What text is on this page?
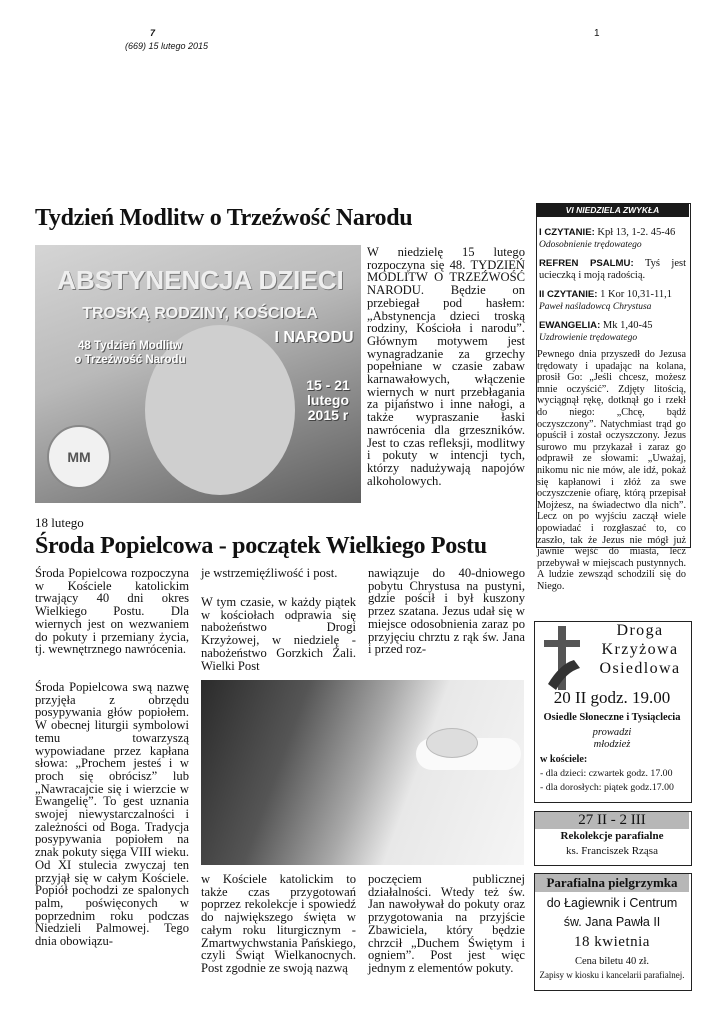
7
(669) 15 lutego 2015
1
Tydzień Modlitw o Trzeźwość Narodu
ABSTYNENCJA DZIECI
TROSKĄ RODZINY, KOŚCIOŁA
48 Tydzień Modlitw
o Trzeźwość Narodu
I NARODU
15 - 21
lutego
2015 r
MM

W niedzielę 15 lutego rozpoczyna się 48. TYDZIEŃ MODLITW O TRZEŹWOŚĆ NARODU. Będzie on przebiegał pod hasłem: „Abstynencja dzieci troską rodziny, Kościoła i narodu”. Głównym motywem jest wynagradzanie za grzechy popełniane w czasie zabaw karnawałowych, włączenie wiernych w nurt przebłagania za pijaństwo i inne nałogi, a także wypraszanie łaski nawrócenia dla grzeszników. Jest to czas refleksji, modlitwy i pokuty w intencji tych, którzy nadużywają napojów alkoholowych.

18 lutego
Środa Popielcowa - początek Wielkiego Postu

Środa Popielcowa rozpoczyna w Kościele katolickim trwający 40 dni okres Wielkiego Postu. Dla wiernych jest on wezwaniem do pokuty i przemiany życia, tj. wewnętrznego nawrócenia.

Środa Popielcowa swą nazwę przyjęła z obrzędu posypywania głów popiołem. W obecnej liturgii symbolowi temu towarzyszą wypowiadane przez kapłana słowa: „Prochem jesteś i w proch się obrócisz” lub „Nawracajcie się i wierzcie w Ewangelię”. To gest uznania swojej niewystarczalności i zależności od Boga. Tradycja posypywania popiołem na znak pokuty sięga VIII wieku. Od XI stulecia zwyczaj ten przyjął się w całym Kościele. Popiół pochodzi ze spalonych palm, poświęconych w poprzednim roku podczas Niedzieli Palmowej. Tego dnia obowiązu-

je wstrzemięźliwość i post.

W tym czasie, w każdy piątek w kościołach odprawia się nabożeństwo Drogi Krzyżowej, w niedzielę - nabożeństwo Gorzkich Żali. Wielki Post

nawiązuje do 40-dniowego pobytu Chrystusa na pustyni, gdzie pościł i był kuszony przez szatana. Jezus udał się w miejsce odosobnienia zaraz po przyjęciu chrztu z rąk św. Jana i przed roz-

w Kościele katolickim to także czas przygotowań poprzez rekolekcje i spowiedź do największego święta w całym roku liturgicznym - Zmartwychwstania Pańskiego, czyli Świąt Wielkanocnych. Post zgodnie ze swoją nazwą

poczęciem publicznej działalności. Wtedy też św. Jan nawoływał do pokuty oraz przygotowania na przyjście Zbawiciela, który będzie chrzcił „Duchem Świętym i ogniem”. Post jest więc jednym z elementów pokuty.

VI NIEDZIELA ZWYKŁA
I CZYTANIE: Kpł 13, 1-2. 45-46
Odosobnienie trędowatego
REFREN PSALMU: Tyś jest ucieczką i moją radością.
II CZYTANIE: 1 Kor 10,31-11,1
Paweł naśladowcą Chrystusa
EWANGELIA: Mk 1,40-45
Uzdrowienie trędowatego

Pewnego dnia przyszedł do Jezusa trędowaty i upadając na kolana, prosił Go: „Jeśli chcesz, możesz mnie oczyścić”. Zdjęty litością, wyciągnął rękę, dotknął go i rzekł do niego: „Chcę, bądź oczyszczony”. Natychmiast trąd go opuścił i został oczyszczony. Jezus surowo mu przykazał i zaraz go odprawił ze słowami: „Uważaj, nikomu nic nie mów, ale idź, pokaż się kapłanowi i złóż za swe oczyszczenie ofiarę, którą przepisał Mojżesz, na świadectwo dla nich”. Lecz on po wyjściu zaczął wiele opowiadać i rozgłaszać to, co zaszło, tak że Jezus nie mógł już jawnie wejść do miasta, lecz przebywał w miejscach pustynnych. A ludzie zewsząd schodzili się do Niego.

Droga
Krzyżowa
Osiedlowa
20 II godz. 19.00
Osiedle Słoneczne i Tysiąclecia
prowadzi
młodzież
w kościele:
- dla dzieci: czwartek godz. 17.00
- dla dorosłych: piątek godz.17.00
27 II - 2 III
Rekolekcje parafialne
ks. Franciszek Rząsa
Parafialna pielgrzymka
do Łagiewnik i Centrum
św. Jana Pawła II
18 kwietnia
Cena biletu 40 zł.
Zapisy w kiosku i kancelarii parafialnej.
